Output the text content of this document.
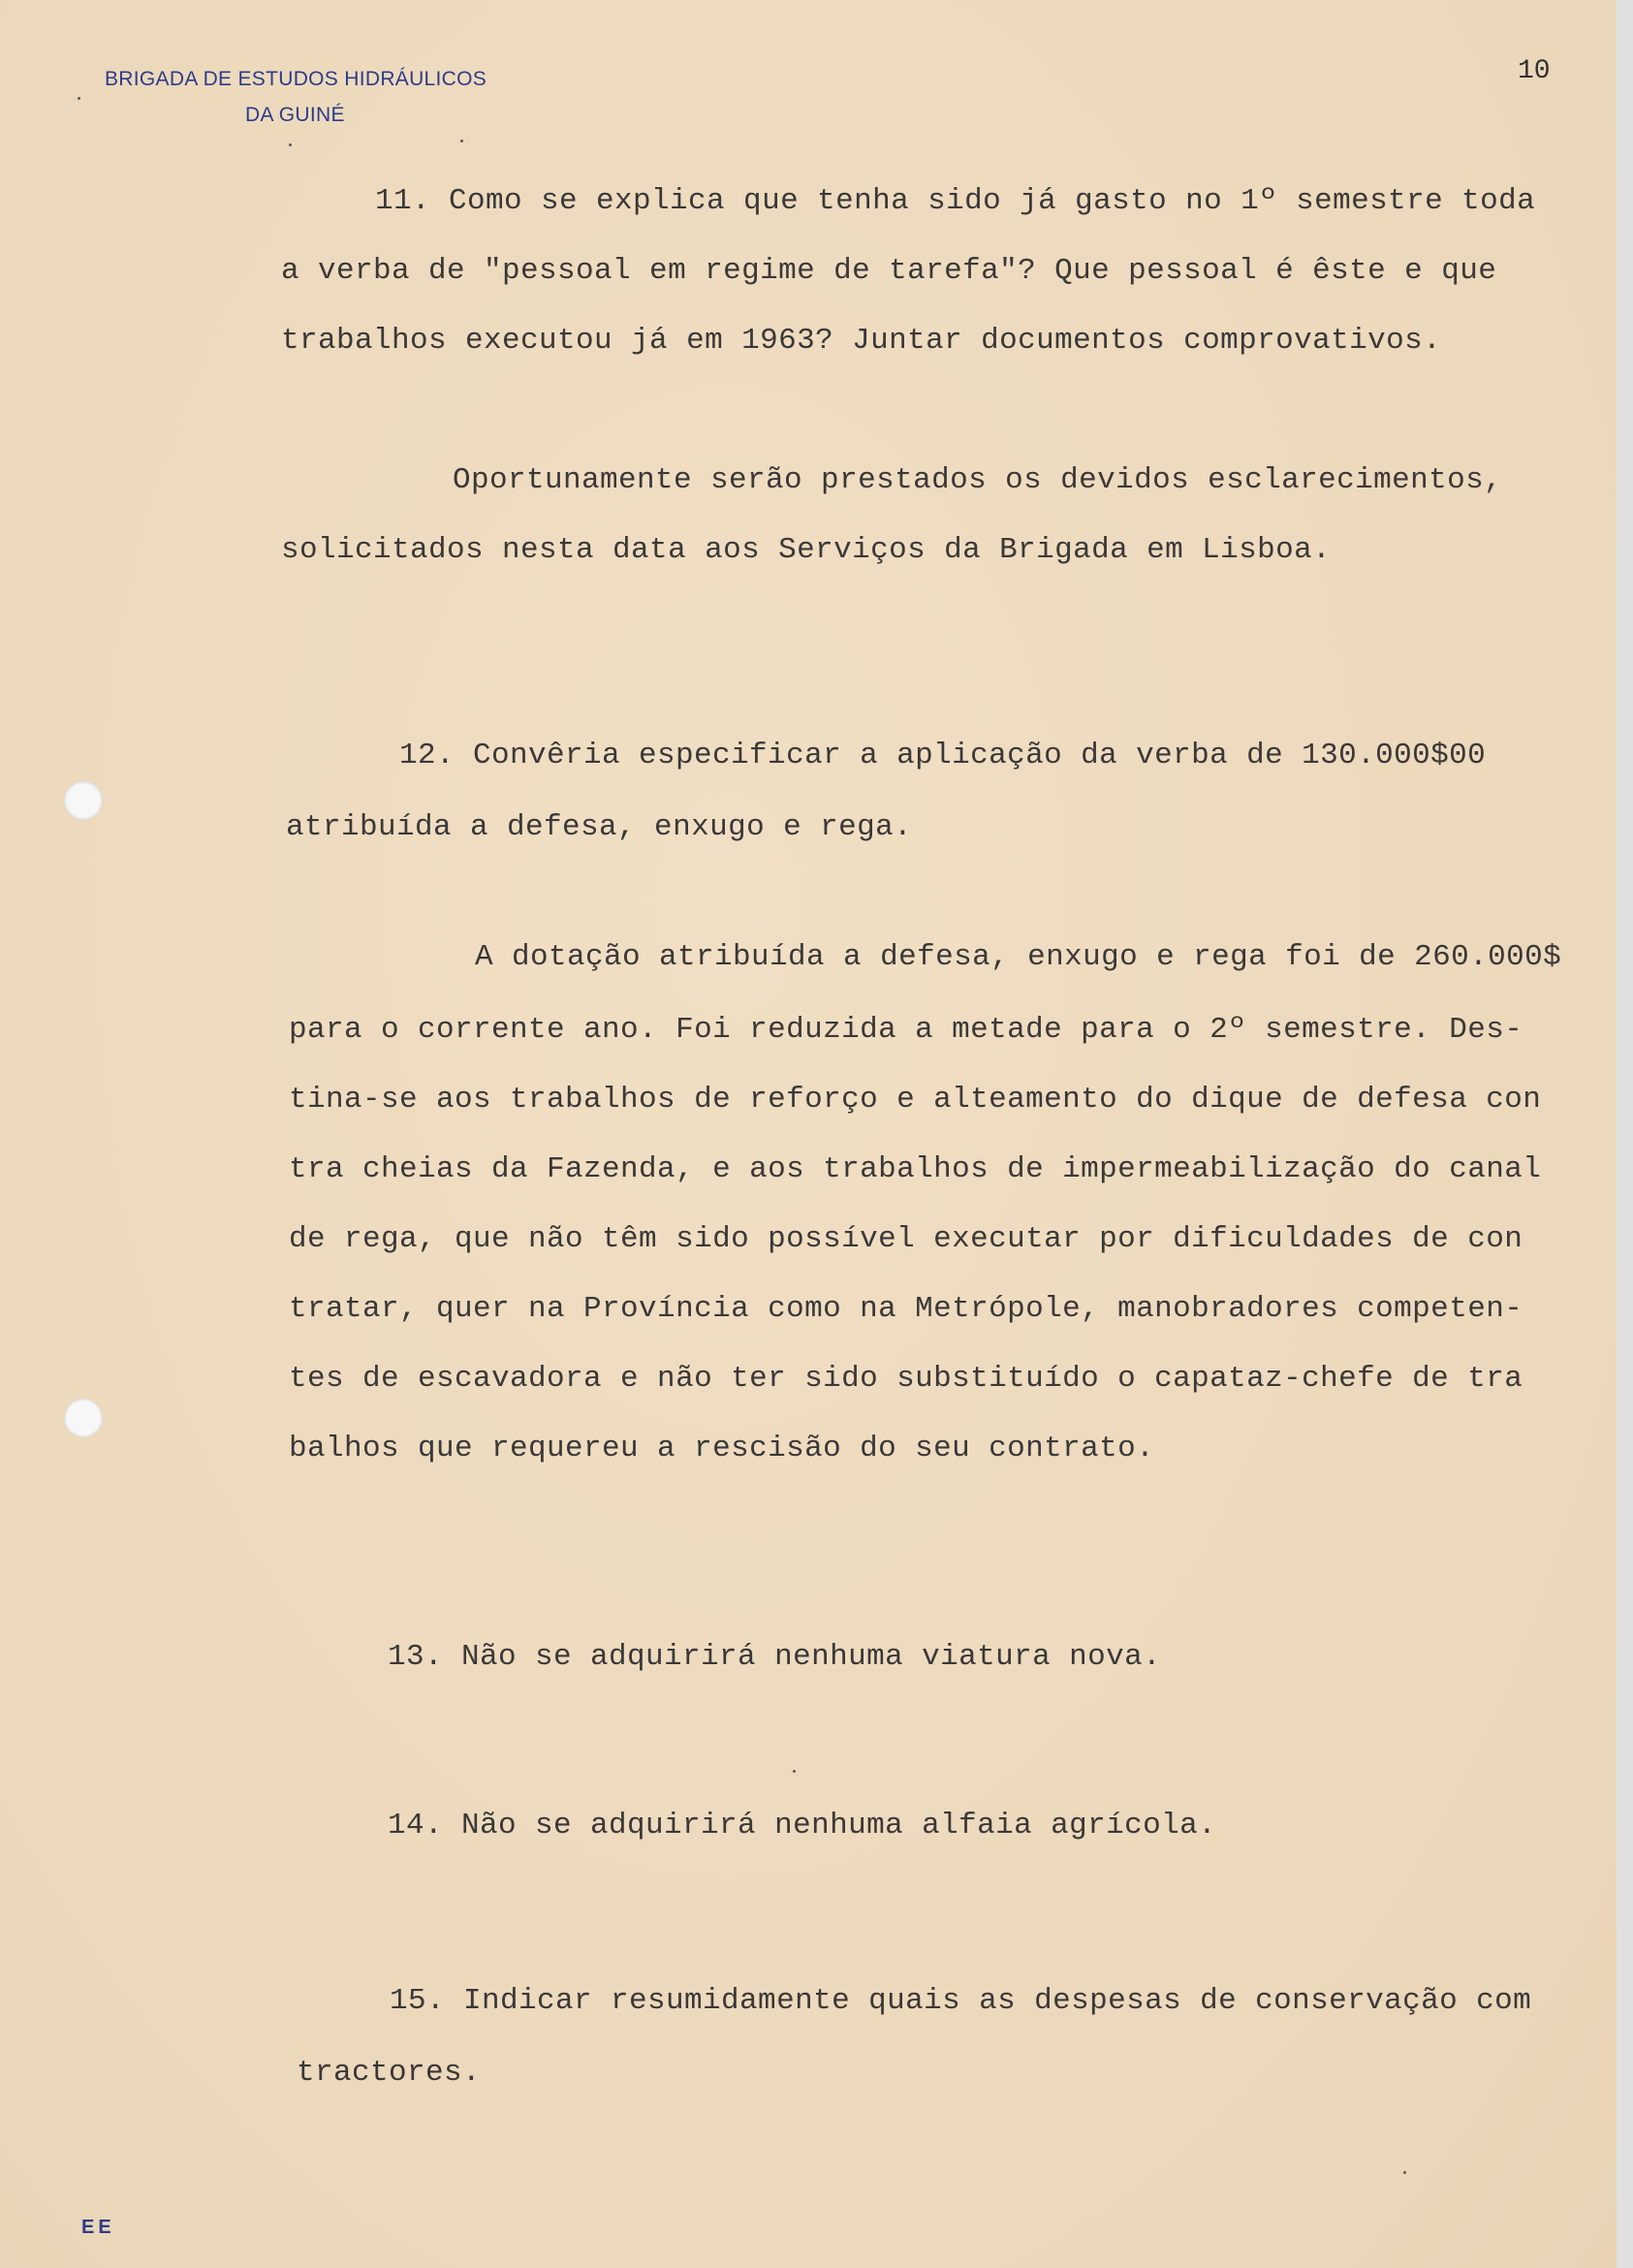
BRIGADA DE ESTUDOS HIDRÁULICOS
DA GUINÉ
10
11. Como se explica que tenha sido já gasto no 1º semestre toda
a verba de "pessoal em regime de tarefa"? Que pessoal é êste e que
trabalhos executou já em 1963? Juntar documentos comprovativos.
Oportunamente serão prestados os devidos esclarecimentos,
solicitados nesta data aos Serviços da Brigada em Lisboa.
12. Convêria especificar a aplicação da verba de 130.000$00
atribuída a defesa, enxugo e rega.
A dotação atribuída a defesa, enxugo e rega foi de 260.000$
para o corrente ano. Foi reduzida a metade para o 2º semestre. Des-
tina-se aos trabalhos de reforço e alteamento do dique de defesa con
tra cheias da Fazenda, e aos trabalhos de impermeabilização do canal
de rega, que não têm sido possível executar por dificuldades de con
tratar, quer na Província como na Metrópole, manobradores competen-
tes de escavadora e não ter sido substituído o capataz-chefe de tra
balhos que requereu a rescisão do seu contrato.
13. Não se adquirirá nenhuma viatura nova.
14. Não se adquirirá nenhuma alfaia agrícola.
15. Indicar resumidamente quais as despesas de conservação com
tractores.
EE
